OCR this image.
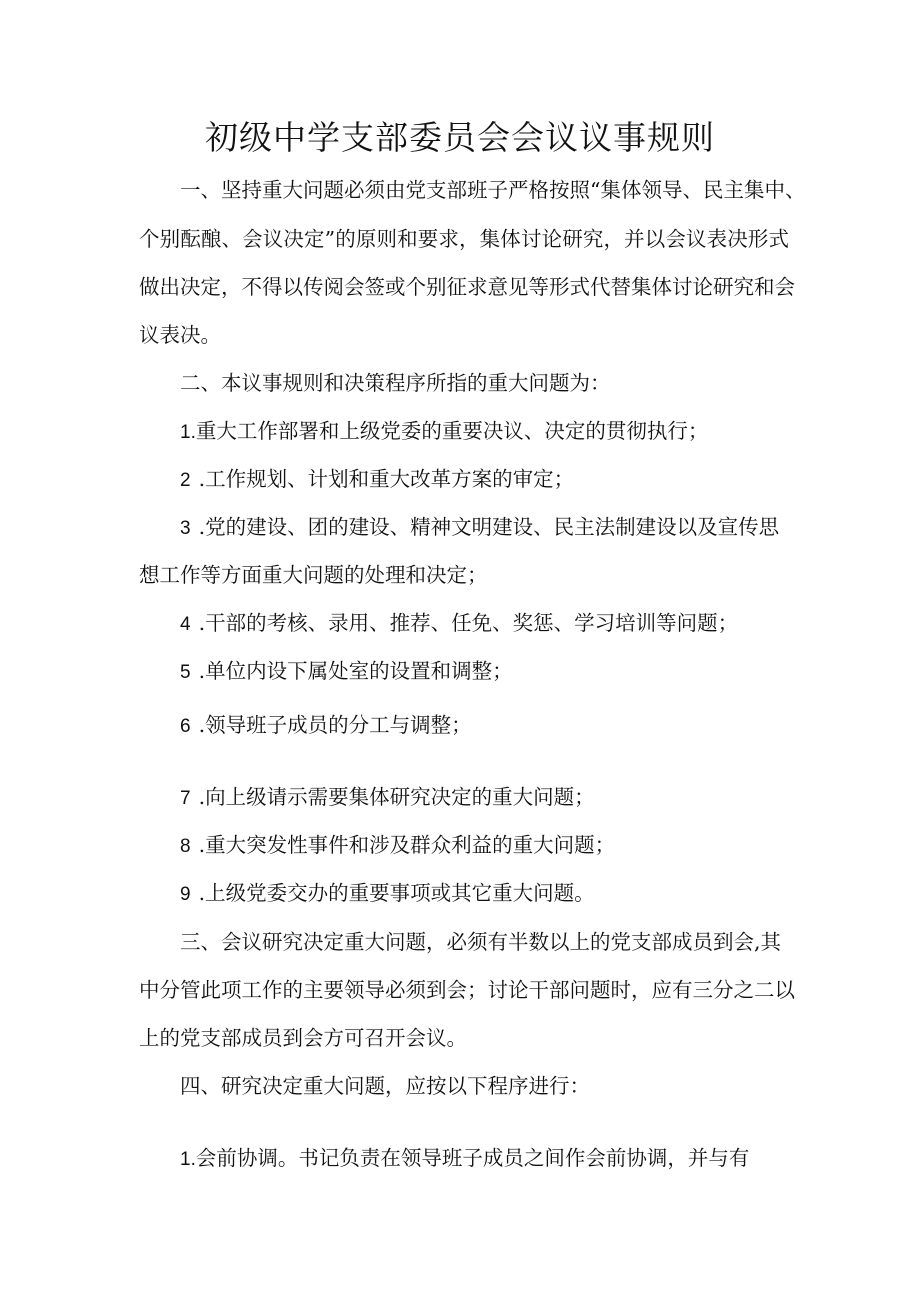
初级中学支部委员会会议议事规则

一、坚持重大问题必须由党支部班子严格按照“集体领导、民主集中、

个别酝酿、会议决定”的原则和要求，集体讨论研究，并以会议表决形式

做出决定，不得以传阅会签或个别征求意见等形式代替集体讨论研究和会

议表决。

二、本议事规则和决策程序所指的重大问题为：

1.重大工作部署和上级党委的重要决议、决定的贯彻执行；

2 .工作规划、计划和重大改革方案的审定；

3 .党的建设、团的建设、精神文明建设、民主法制建设以及宣传思

想工作等方面重大问题的处理和决定；

4 .干部的考核、录用、推荐、任免、奖惩、学习培训等问题；

5 .单位内设下属处室的设置和调整；

6 .领导班子成员的分工与调整；

7 .向上级请示需要集体研究决定的重大问题；

8 .重大突发性事件和涉及群众利益的重大问题；

9 .上级党委交办的重要事项或其它重大问题。

三、会议研究决定重大问题，必须有半数以上的党支部成员到会,其

中分管此项工作的主要领导必须到会；讨论干部问题时，应有三分之二以

上的党支部成员到会方可召开会议。

四、研究决定重大问题，应按以下程序进行：

1.会前协调。书记负责在领导班子成员之间作会前协调，并与有
